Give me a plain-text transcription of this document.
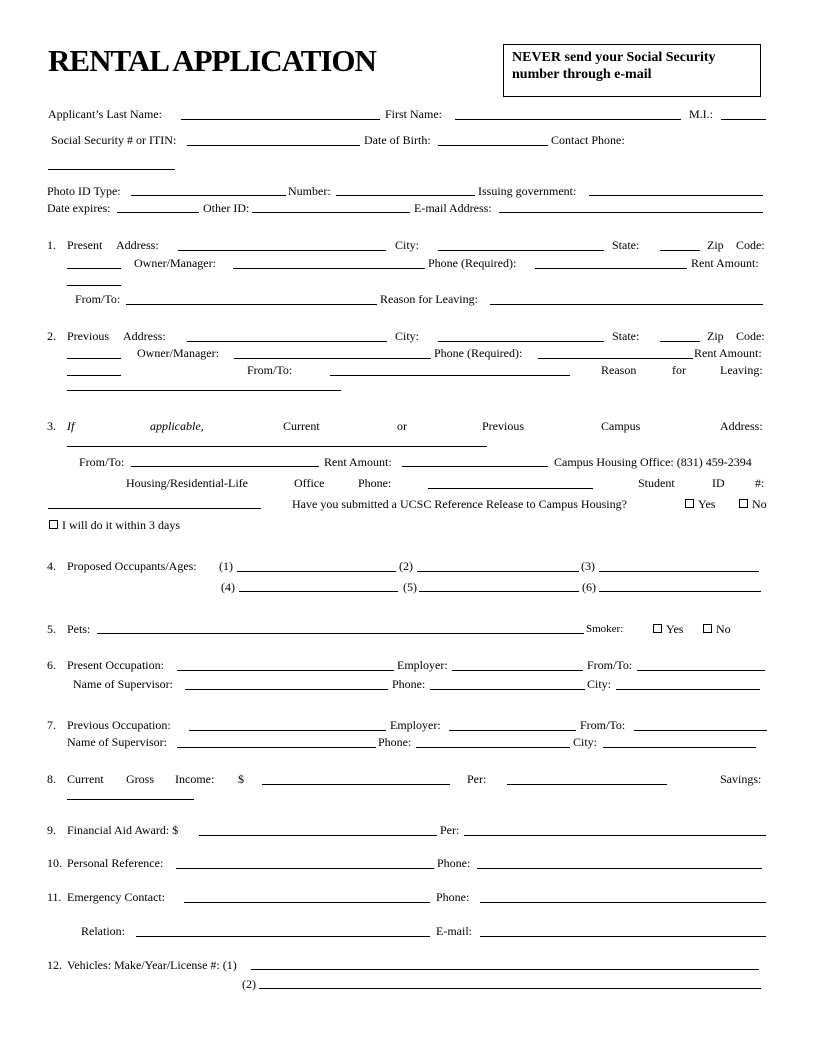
RENTAL APPLICATION	NEVER send your Social Security number through e-mail
Applicant’s Last Name:	First Name:	M.I.:
Social Security # or ITIN:	Date of Birth:	Contact Phone:
Photo ID Type:	Number:	Issuing government:
Date expires:	Other ID:	E-mail Address:
1. Present Address:	City:	State:	Zip Code:
Owner/Manager:	Phone (Required):	Rent Amount:
From/To:	Reason for Leaving:
2. Previous Address:	City:	State:	Zip Code:
Owner/Manager:	Phone (Required):	Rent Amount:
From/To:	Reason	for	Leaving:
3. If	applicable,	Current	or	Previous	Campus	Address:
From/To:	Rent Amount:	Campus Housing Office: (831) 459-2394
Housing/Residential-Life	Office	Phone:	Student	ID	#:
Have you submitted a UCSC Reference Release to Campus Housing?	Yes	No
I will do it within 3 days
4. Proposed Occupants/Ages: (1)	(2)	(3)
(4)	(5)	(6)
5. Pets:	Smoker:	Yes	No
6. Present Occupation:	Employer:	From/To:
Name of Supervisor:	Phone:	City:
7. Previous Occupation:	Employer:	From/To:
Name of Supervisor:	Phone:	City:
8. Current Gross Income: $	Per:	Savings:
9. Financial Aid Award: $	Per:
10. Personal Reference:	Phone:
11. Emergency Contact:	Phone:
Relation:	E-mail:
12. Vehicles: Make/Year/License #: (1)
(2)
